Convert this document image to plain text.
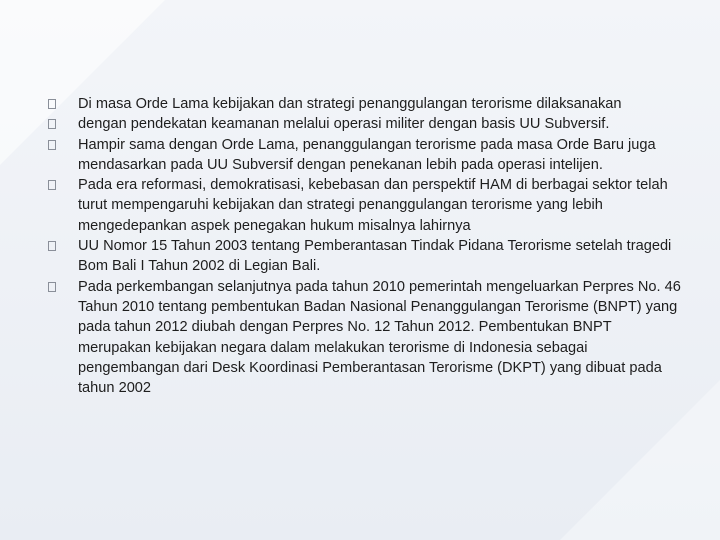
Di masa Orde Lama kebijakan dan strategi penanggulangan terorisme dilaksanakan
dengan pendekatan keamanan melalui operasi militer dengan basis UU Subversif.
Hampir sama dengan Orde Lama, penanggulangan terorisme pada masa Orde Baru juga mendasarkan pada UU Subversif dengan penekanan lebih pada operasi intelijen.
Pada era reformasi, demokratisasi, kebebasan dan perspektif HAM di berbagai sektor telah turut mempengaruhi kebijakan dan strategi penanggulangan terorisme yang lebih mengedepankan aspek penegakan hukum misalnya lahirnya
UU Nomor 15 Tahun 2003 tentang Pemberantasan Tindak Pidana Terorisme setelah tragedi Bom Bali I Tahun 2002 di Legian Bali.
Pada perkembangan selanjutnya pada tahun 2010 pemerintah mengeluarkan Perpres No. 46 Tahun 2010 tentang pembentukan Badan Nasional Penanggulangan Terorisme (BNPT) yang pada tahun 2012 diubah dengan Perpres No. 12 Tahun 2012. Pembentukan BNPT merupakan kebijakan negara dalam melakukan terorisme di Indonesia sebagai pengembangan dari Desk Koordinasi Pemberantasan Terorisme (DKPT) yang dibuat pada tahun 2002
